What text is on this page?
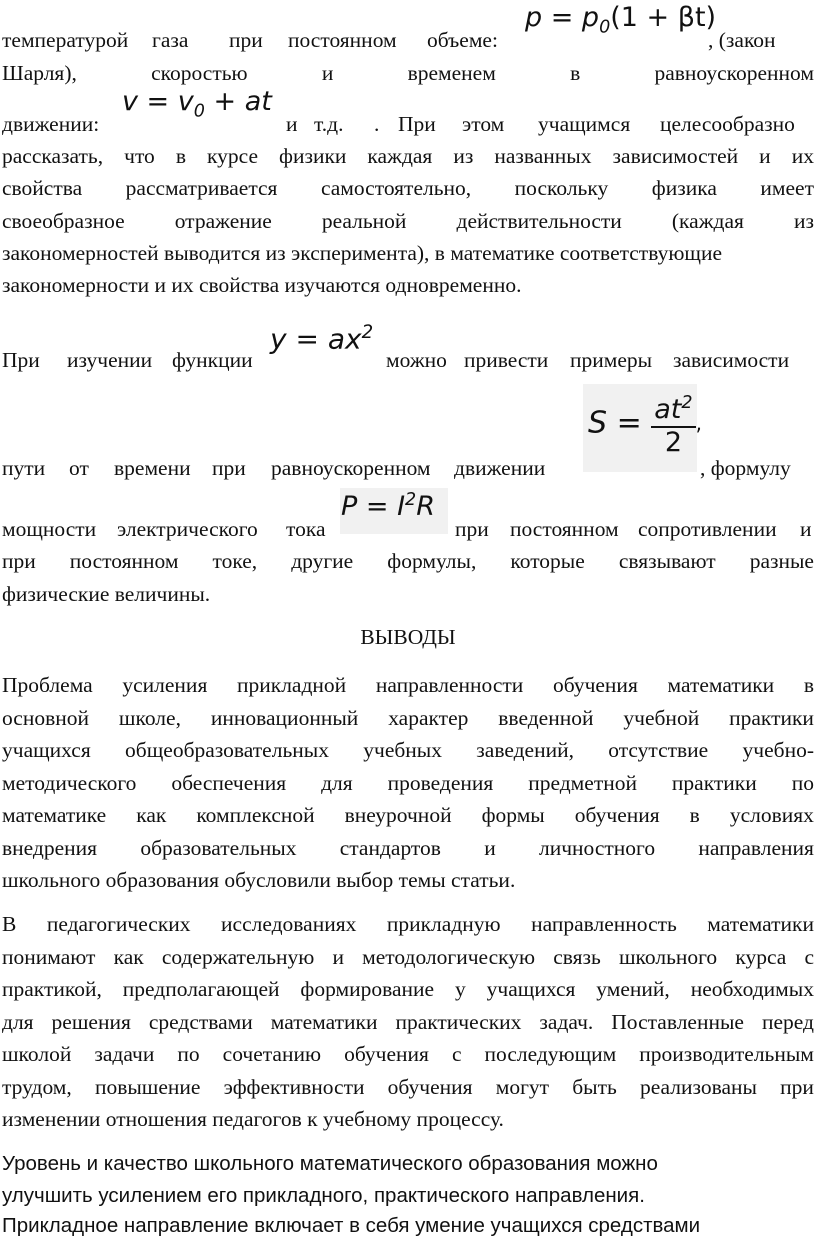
температурой газа при постоянном объеме:	, (закон
$p = p_0(1 + \beta t)$
Шарля),	скоростью	и	временем	в	равноускоренном
движении:	и т.д. . При этом учащимся целесообразно
$v = v_0$ + at
рассказать, что в курсе физики каждая из названных зависимостей и их
свойства рассматривается самостоятельно, поскольку физика имеет
своеобразное отражение реальной действительности (каждая из
закономерностей выводится из эксперимента), в математике соответствующие
закономерности и их свойства изучаются одновременно.
При изучении функции	можно привести примеры зависимости
$y = ax^2$
$S = \frac{at^2}{2}$ ,
пути от времени при равноускоренном движении	, формулу
$P = I^2R$
мощности электрического тока	при постоянном сопротивлении и
при постоянном токе, другие формулы, которые связывают разные
физические величины.
ВЫВОДЫ
Проблема усиления прикладной направленности обучения математики в
основной школе, инновационный характер введенной учебной практики
учащихся общеобразовательных учебных заведений, отсутствие учебно-
методического обеспечения для проведения предметной практики по
математике как комплексной внеурочной формы обучения в условиях
внедрения образовательных стандартов и личностного направления
школьного образования обусловили выбор темы статьи.
В педагогических исследованиях прикладную направленность математики
понимают как содержательную и методологическую связь школьного курса с
практикой, предполагающей формирование у учащихся умений, необходимых
для решения средствами математики практических задач. Поставленные перед
школой задачи по сочетанию обучения с последующим производительным
трудом, повышение эффективности обучения могут быть реализованы при
изменении отношения педагогов к учебному процессу.
Уровень и качество школьного математического образования можно
улучшить усилением его прикладного, практического направления.
Прикладное направление включает в себя умение учащихся средствами
